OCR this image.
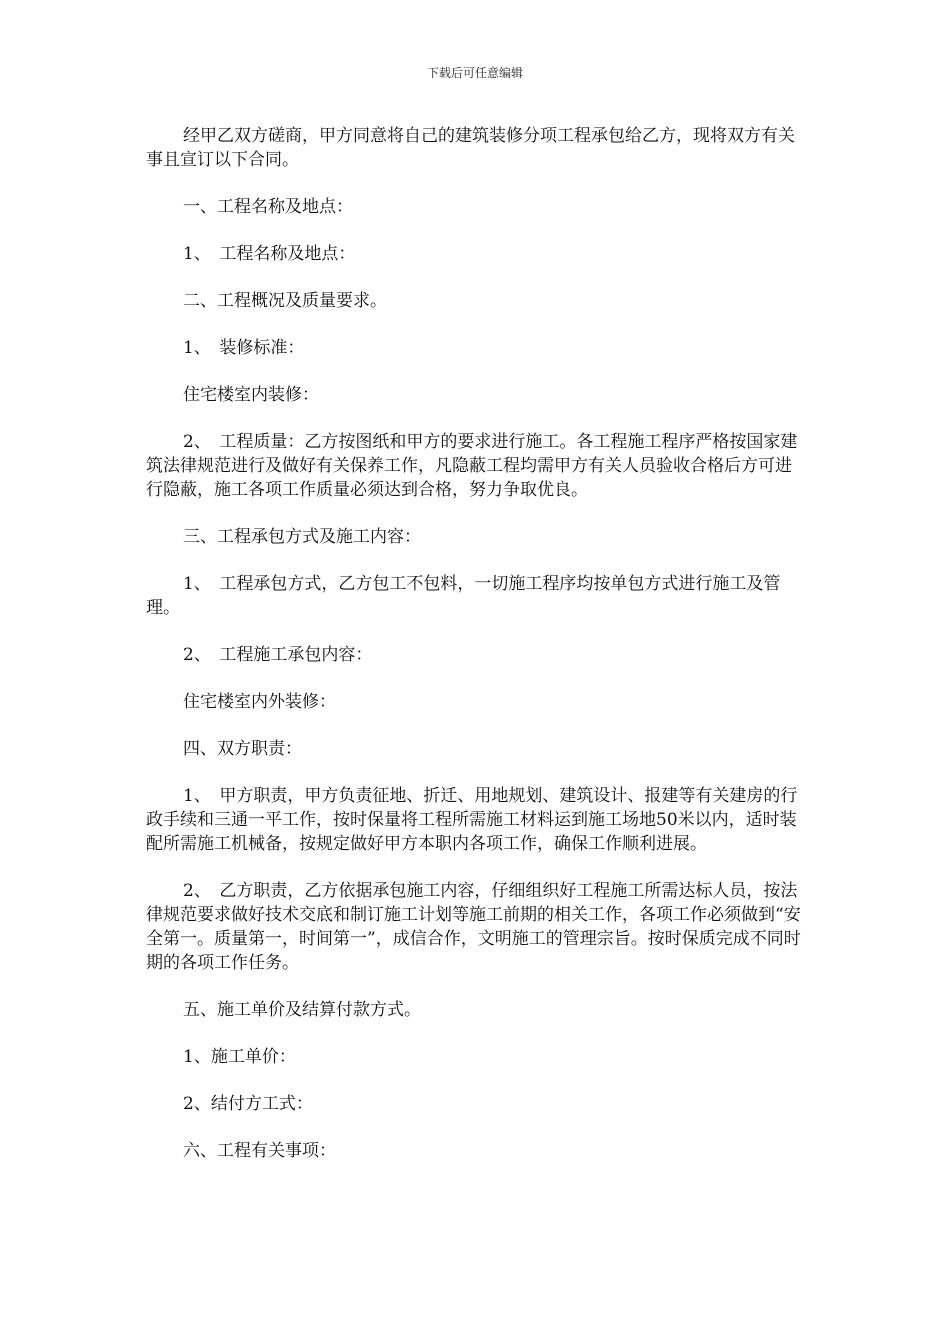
下载后可任意编辑

经甲乙双方磋商，甲方同意将自己的建筑装修分项工程承包给乙方，现将双方有关事且宣订以下合同。

一、工程名称及地点：

1、　工程名称及地点：

二、工程概况及质量要求。

1、　装修标准：

住宅楼室内装修：

2、　工程质量：乙方按图纸和甲方的要求进行施工。各工程施工程序严格按国家建筑法律规范进行及做好有关保养工作，凡隐蔽工程均需甲方有关人员验收合格后方可进行隐蔽，施工各项工作质量必须达到合格，努力争取优良。

三、工程承包方式及施工内容：

1、　工程承包方式，乙方包工不包料，一切施工程序均按单包方式进行施工及管理。

2、　工程施工承包内容：

住宅楼室内外装修：

四、双方职责：

1、　甲方职责，甲方负责征地、折迁、用地规划、建筑设计、报建等有关建房的行政手续和三通一平工作，按时保量将工程所需施工材料运到施工场地50米以内，适时装配所需施工机械备，按规定做好甲方本职内各项工作，确保工作顺利进展。

2、　乙方职责，乙方依据承包施工内容，仔细组织好工程施工所需达标人员，按法律规范要求做好技术交底和制订施工计划等施工前期的相关工作，各项工作必须做到“安全第一。质量第一，时间第一”，成信合作，文明施工的管理宗旨。按时保质完成不同时期的各项工作任务。

五、施工单价及结算付款方式。

1、施工单价：

2、结付方工式：

六、工程有关事项：
